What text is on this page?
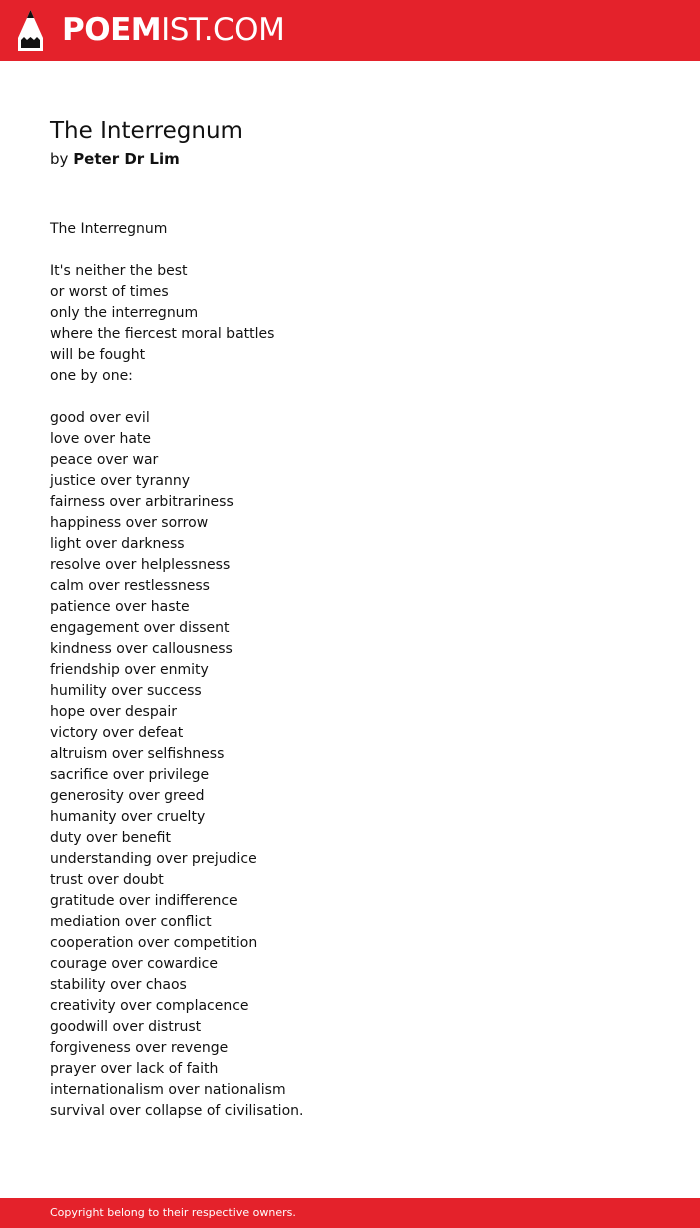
POEMIST.COM
The Interregnum
by Peter Dr Lim
The Interregnum
It's neither the best
or worst of times
only the interregnum
where the fiercest moral battles
will be fought
one by one:
good over evil
love over hate
peace over war
justice over tyranny
fairness over arbitrariness
happiness over sorrow
light over darkness
resolve over helplessness
calm over restlessness
patience over haste
engagement over dissent
kindness over callousness
friendship over enmity
humility over success
hope over despair
victory over defeat
altruism over selfishness
sacrifice over privilege
generosity over greed
humanity over cruelty
duty over benefit
understanding over prejudice
trust over doubt
gratitude over indifference
mediation over conflict
cooperation over competition
courage over cowardice
stability over chaos
creativity over complacence
goodwill over distrust
forgiveness over revenge
prayer over lack of faith
internationalism over nationalism
survival over collapse of civilisation.
Copyright belong to their respective owners.
